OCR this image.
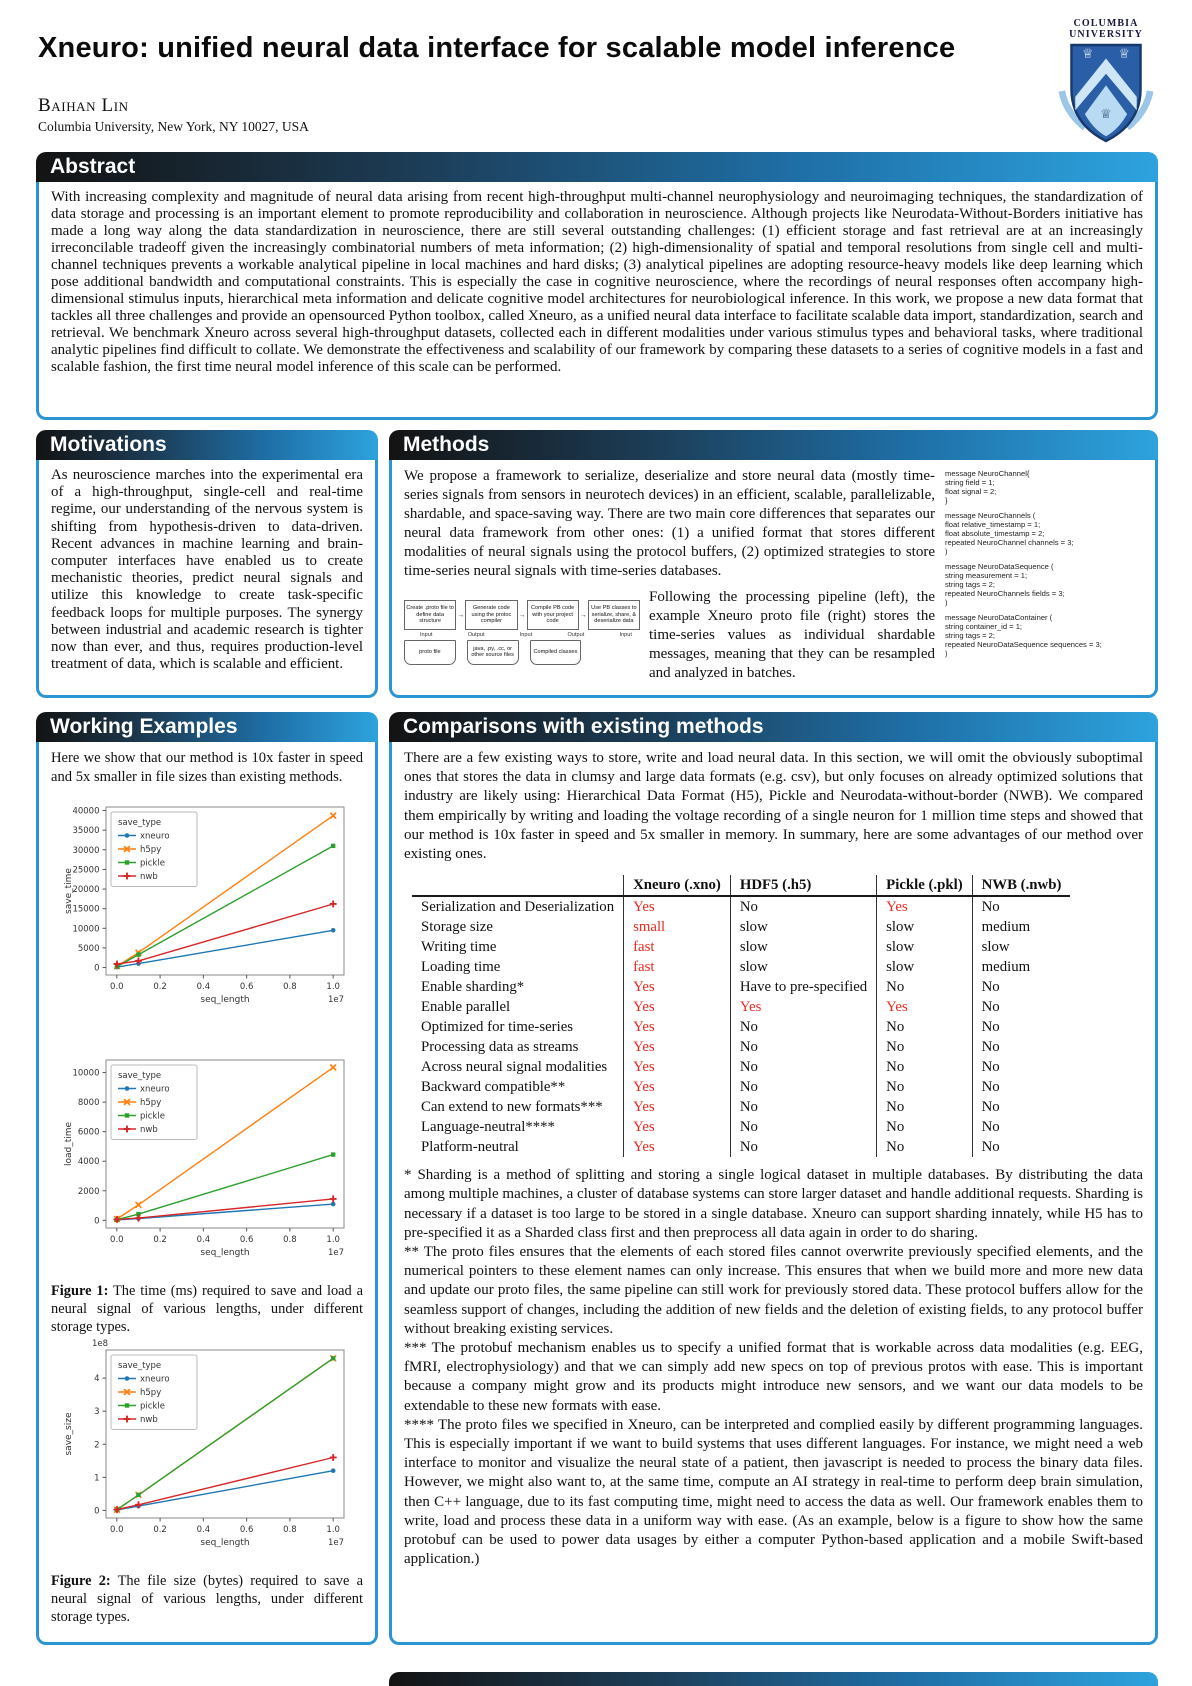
Xneuro: unified neural data interface for scalable model inference
Baihan Lin
Columbia University, New York, NY 10027, USA
COLUMBIA
UNIVERSITY
♕ ♕
♕
Abstract

With increasing complexity and magnitude of neural data arising from recent high-throughput multi-channel neurophysiology and neuroimaging techniques, the standardization of data storage and processing is an important element to promote reproducibility and collaboration in neuroscience. Although projects like Neurodata-Without-Borders initiative has made a long way along the data standardization in neuroscience, there are still several outstanding challenges: (1) efficient storage and fast retrieval are at an increasingly irreconcilable tradeoff given the increasingly combinatorial numbers of meta information; (2) high-dimensionality of spatial and temporal resolutions from single cell and multi-channel techniques prevents a workable analytical pipeline in local machines and hard disks; (3) analytical pipelines are adopting resource-heavy models like deep learning which pose additional bandwidth and computational constraints. This is especially the case in cognitive neuroscience, where the recordings of neural responses often accompany high-dimensional stimulus inputs, hierarchical meta information and delicate cognitive model architectures for neurobiological inference. In this work, we propose a new data format that tackles all three challenges and provide an opensourced Python toolbox, called Xneuro, as a unified neural data interface to facilitate scalable data import, standardization, search and retrieval. We benchmark Xneuro across several high-throughput datasets, collected each in different modalities under various stimulus types and behavioral tasks, where traditional analytic pipelines find difficult to collate. We demonstrate the effectiveness and scalability of our framework by comparing these datasets to a series of cognitive models in a fast and scalable fashion, the first time neural model inference of this scale can be performed.

Motivations

As neuroscience marches into the experimental era of a high-throughput, single-cell and real-time regime, our understanding of the nervous system is shifting from hypothesis-driven to data-driven. Recent advances in machine learning and brain-computer interfaces have enabled us to create mechanistic theories, predict neural signals and utilize this knowledge to create task-specific feedback loops for multiple purposes. The synergy between industrial and academic research is tighter now than ever, and thus, requires production-level treatment of data, which is scalable and efficient.

Methods

We propose a framework to serialize, deserialize and store neural data (mostly time-series signals from sensors in neurotech devices) in an efficient, scalable, parallelizable, shardable, and space-saving way. There are two main core differences that separates our neural data framework from other ones: (1) a unified format that stores different modalities of neural signals using the protocol buffers, (2) optimized strategies to store time-series neural signals with time-series databases.

Create .proto file to define data structure
→
Generate code using the protoc compiler
→
Compile PB code with your project code
→
Use PB classes to serialize, share, & deserialize data
Input	Output	Input	Output	Input
proto file
java, .py, .cc, or other source files
Compiled classes

Following the processing pipeline (left), the example Xneuro proto file (right) stores the time-series values as individual shardable messages, meaning that they can be resampled and analyzed in batches.

message NeuroChannel{
string field = 1;
float signal = 2;
}
message NeuroChannels (
float relative_timestamp = 1;
float absolute_timestamp = 2;
repeated NeuroChannel channels = 3;
)
message NeuroDataSequence (
string measurement = 1;
string tags = 2;
repeated NeuroChannels fields = 3;
)
message NeuroDataContainer (
string container_id = 1;
string tags = 2;
repeated NeuroDataSequence sequences = 3;
)
Working Examples

Here we show that our method is 10x faster in speed and 5x smaller in file sizes than existing methods.

0.0	0.2	0.4	0.6	0.8	1.0
seq_length	1e7
0
5000
10000
15000
20000
25000
30000
35000
40000
save_time
save_type
xneuro
h5py
pickle
nwb
0.0	0.2	0.4	0.6	0.8	1.0
seq_length	1e7
0
2000
4000
6000
8000
10000
load_time
save_type
xneuro
h5py
pickle
nwb

Figure 1: The time (ms) required to save and load a neural signal of various lengths, under different storage types.

0.0	0.2	0.4	0.6	0.8	1.0
seq_length	1e7
0
1
2
3
4
save_size
1e8
save_type
xneuro
h5py
pickle
nwb

Figure 2: The file size (bytes) required to save a neural signal of various lengths, under different storage types.

Comparisons with existing methods

There are a few existing ways to store, write and load neural data. In this section, we will omit the obviously suboptimal ones that stores the data in clumsy and large data formats (e.g. csv), but only focuses on already optimized solutions that industry are likely using: Hierarchical Data Format (H5), Pickle and Neurodata-without-border (NWB). We compared them empirically by writing and loading the voltage recording of a single neuron for 1 million time steps and showed that our method is 10x faster in speed and 5x smaller in memory. In summary, here are some advantages of our method over existing ones.

	Xneuro (.xno)	HDF5 (.h5)	Pickle (.pkl)	NWB (.nwb)
Serialization and Deserialization	Yes	No	Yes	No
Storage size	small	slow	slow	medium
Writing time	fast	slow	slow	slow
Loading time	fast	slow	slow	medium
Enable sharding*	Yes	Have to pre-specified	No	No
Enable parallel	Yes	Yes	Yes	No
Optimized for time-series	Yes	No	No	No
Processing data as streams	Yes	No	No	No
Across neural signal modalities	Yes	No	No	No
Backward compatible**	Yes	No	No	No
Can extend to new formats***	Yes	No	No	No
Language-neutral****	Yes	No	No	No
Platform-neutral	Yes	No	No	No

* Sharding is a method of splitting and storing a single logical dataset in multiple databases. By distributing the data among multiple machines, a cluster of database systems can store larger dataset and handle additional requests. Sharding is necessary if a dataset is too large to be stored in a single database. Xneuro can support sharding innately, while H5 has to pre-specified it as a Sharded class first and then preprocess all data again in order to do sharing.

** The proto files ensures that the elements of each stored files cannot overwrite previously specified elements, and the numerical pointers to these element names can only increase. This ensures that when we build more and more new data and update our proto files, the same pipeline can still work for previously stored data. These protocol buffers allow for the seamless support of changes, including the addition of new fields and the deletion of existing fields, to any protocol buffer without breaking existing services.

*** The protobuf mechanism enables us to specify a unified format that is workable across data modalities (e.g. EEG, fMRI, electrophysiology) and that we can simply add new specs on top of previous protos with ease. This is important because a company might grow and its products might introduce new sensors, and we want our data models to be extendable to these new formats with ease.

**** The proto files we specified in Xneuro, can be interpreted and complied easily by different programming languages. This is especially important if we want to build systems that uses different languages. For instance, we might need a web interface to monitor and visualize the neural state of a patient, then javascript is needed to process the binary data files. However, we might also want to, at the same time, compute an AI strategy in real-time to perform deep brain simulation, then C++ language, due to its fast computing time, might need to access the data as well. Our framework enables them to write, load and process these data in a uniform way with ease. (As an example, below is a figure to show how the same protobuf can be used to power data usages by either a computer Python-based application and a mobile Swift-based application.)
